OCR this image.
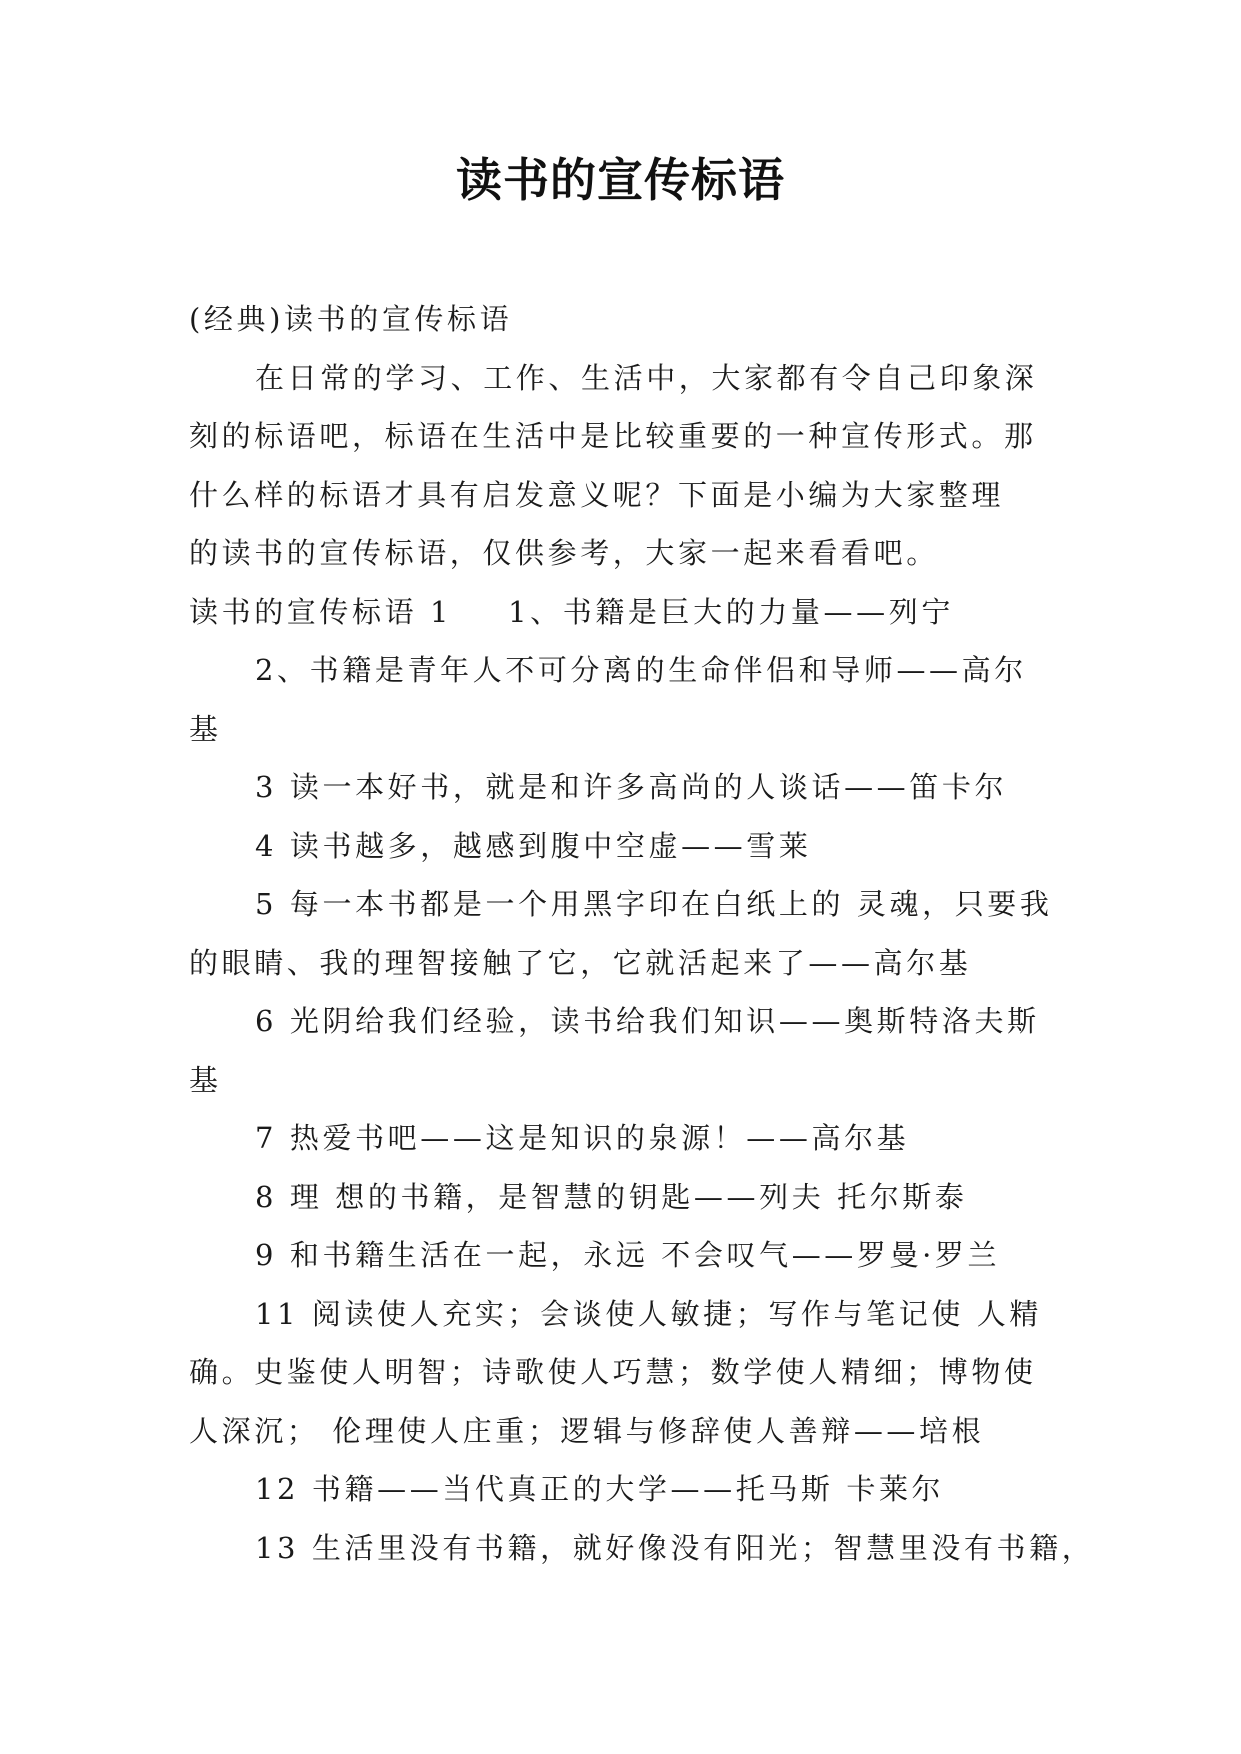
读书的宣传标语
(经典)读书的宣传标语
在日常的学习、工作、生活中，大家都有令自己印象深
刻的标语吧，标语在生活中是比较重要的一种宣传形式。那
什么样的标语才具有启发意义呢？下面是小编为大家整理
的读书的宣传标语，仅供参考，大家一起来看看吧。
读书的宣传标语 1 1、书籍是巨大的力量——列宁
2、书籍是青年人不可分离的生命伴侣和导师——高尔
基
3 读一本好书，就是和许多高尚的人谈话——笛卡尔
4 读书越多，越感到腹中空虚——雪莱
5 每一本书都是一个用黑字印在白纸上的 灵魂，只要我
的眼睛、我的理智接触了它，它就活起来了——高尔基
6 光阴给我们经验，读书给我们知识——奥斯特洛夫斯
基
7 热爱书吧——这是知识的泉源！——高尔基
8 理 想的书籍，是智慧的钥匙——列夫 托尔斯泰
9 和书籍生活在一起，永远 不会叹气——罗曼·罗兰
11 阅读使人充实；会谈使人敏捷；写作与笔记使 人精
确。史鉴使人明智；诗歌使人巧慧；数学使人精细；博物使
人深沉； 伦理使人庄重；逻辑与修辞使人善辩——培根
12 书籍——当代真正的大学——托马斯 卡莱尔
13 生活里没有书籍，就好像没有阳光；智慧里没有书籍，
